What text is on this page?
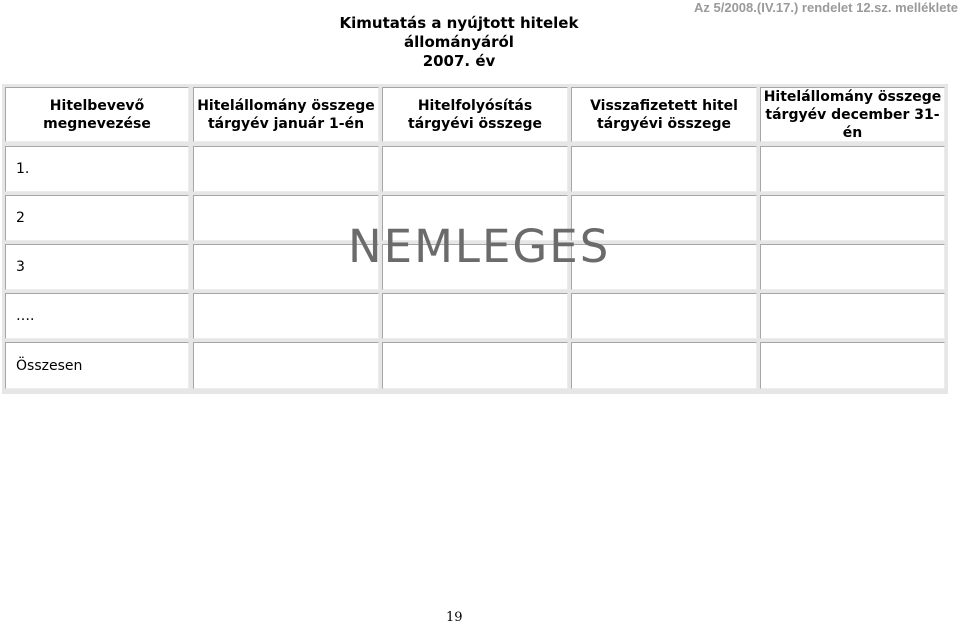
Kimutatás a nyújtott hitelek állományáról
2007. év
Az 5/2008.(IV.17.) rendelet 12.sz. melléklete
Hitelbevevő megnevezése
Hitelállomány összege tárgyév január 1-én
Hitelfolyósítás tárgyévi összege
Visszafizetett hitel tárgyévi összege
Hitelállomány összege tárgyév december 31-én
1.
2
3
….
Összesen
NEMLEGES
19
